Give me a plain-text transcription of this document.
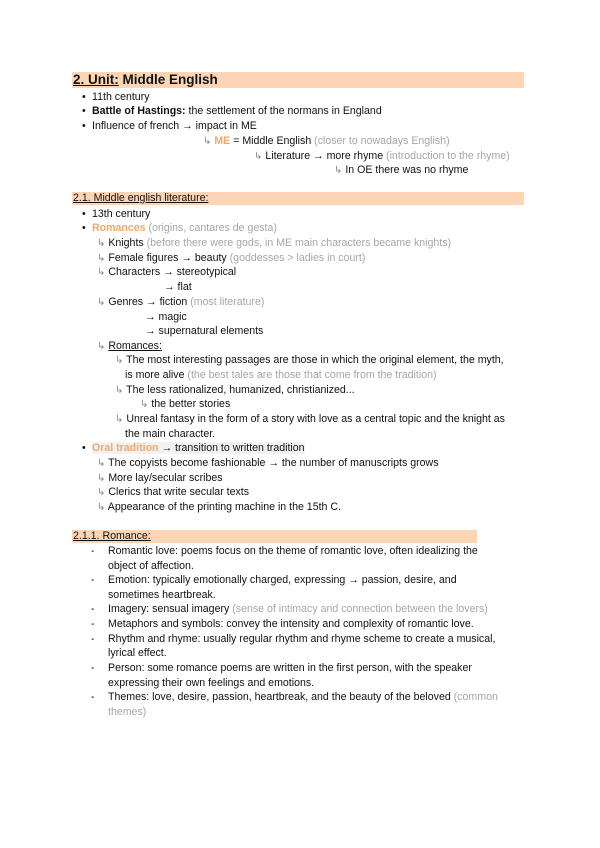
2. Unit: Middle English
• 11th century
• Battle of Hastings: the settlement of the normans in England
• Influence of french → impact in ME
↳ ME = Middle English (closer to nowadays English)
↳ Literature → more rhyme (introduction to the rhyme)
↳ In OE there was no rhyme
2.1. Middle english literature:
• 13th century
• Romances (origins, cantares de gesta)
↳ Knights (before there were gods, in ME main characters became knights)
↳ Female figures → beauty (goddesses > ladies in court)
↳ Characters → stereotypical
→ flat
↳ Genres → fiction (most literature)
→ magic
→ supernatural elements
↳ Romances:
↳ The most interesting passages are those in which the original element, the myth,
is more alive (the best tales are those that come from the tradition)
↳ The less rationalized, humanized, christianized...
↳ the better stories
↳ Unreal fantasy in the form of a story with love as a central topic and the knight as
the main character.
• Oral tradition → transition to written tradition
↳ The copyists become fashionable → the number of manuscripts grows
↳ More lay/secular scribes
↳ Clerics that write secular texts
↳ Appearance of the printing machine in the 15th C.
2.1.1. Romance:
- Romantic love: poems focus on the theme of romantic love, often idealizing the
object of affection.
- Emotion: typically emotionally charged, expressing → passion, desire, and
sometimes heartbreak.
- Imagery: sensual imagery (sense of intimacy and connection between the lovers)
- Metaphors and symbols: convey the intensity and complexity of romantic love.
- Rhythm and rhyme: usually regular rhythm and rhyme scheme to create a musical,
lyrical effect.
- Person: some romance poems are written in the first person, with the speaker
expressing their own feelings and emotions.
- Themes: love, desire, passion, heartbreak, and the beauty of the beloved (common
themes)
